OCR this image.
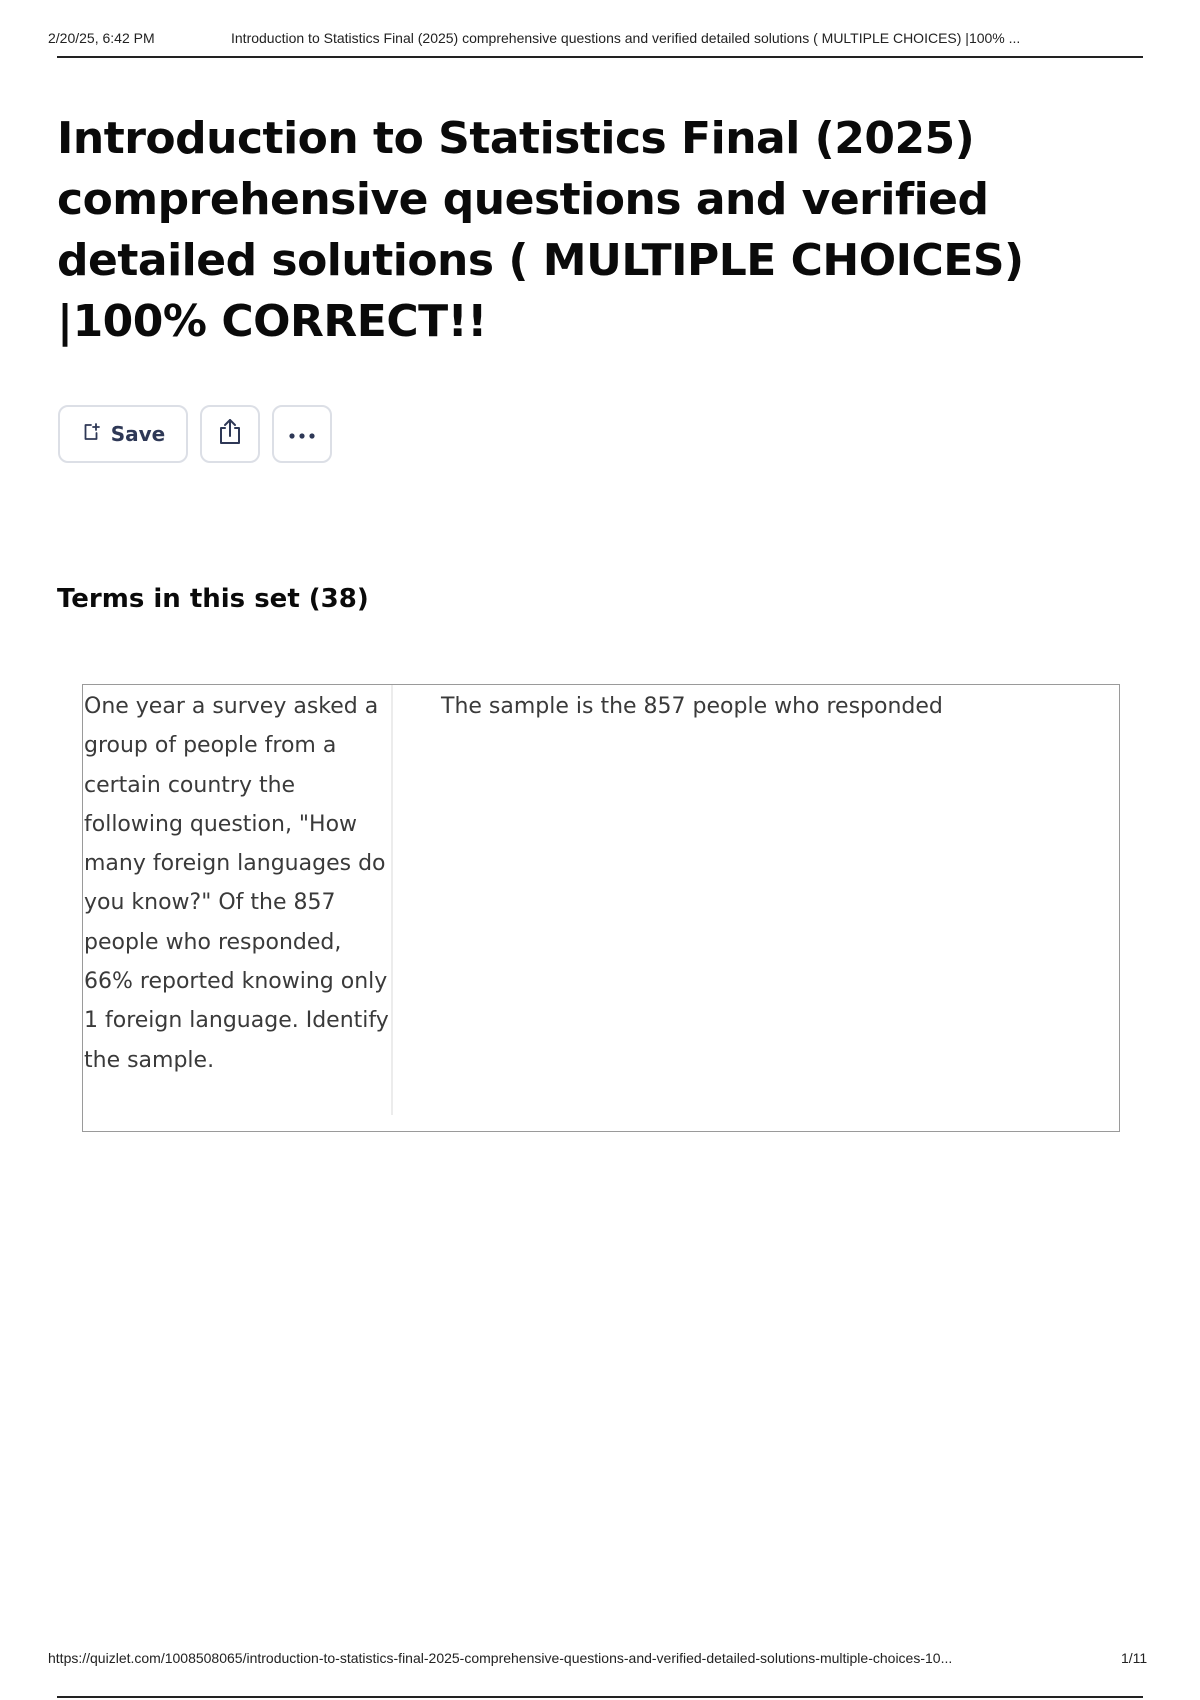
2/20/25, 6:42 PM	Introduction to Statistics Final (2025) comprehensive questions and verified detailed solutions ( MULTIPLE CHOICES) |100% ...
Introduction to Statistics Final (2025) comprehensive questions and verified detailed solutions ( MULTIPLE CHOICES) |100% CORRECT!!
Save
Terms in this set (38)
One year a survey asked a group of people from a certain country the following question, "How many foreign languages do you know?" Of the 857 people who responded, 66% reported knowing only 1 foreign language. Identify the sample.
The sample is the 857 people who responded
https://quizlet.com/1008508065/introduction-to-statistics-final-2025-comprehensive-questions-and-verified-detailed-solutions-multiple-choices-10...	1/11
